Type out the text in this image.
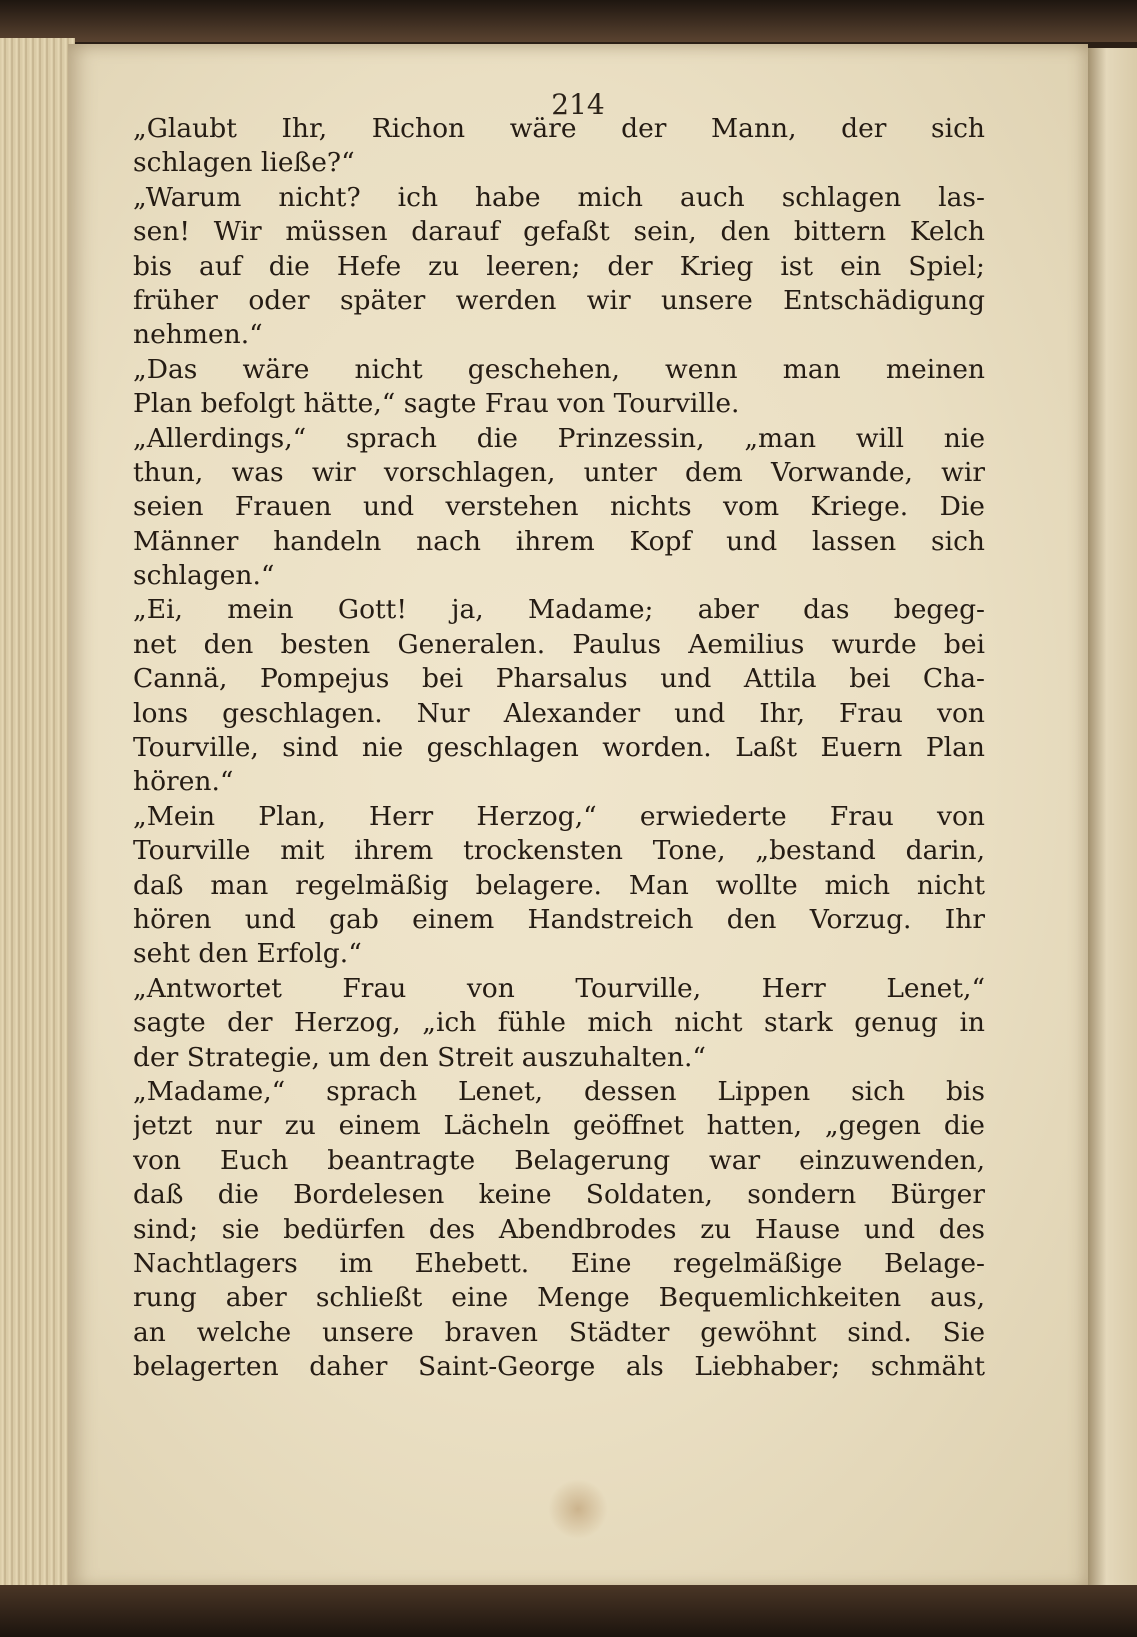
214
„Glaubt Ihr, Richon wäre der Mann, der sich
schlagen ließe?“
„Warum nicht? ich habe mich auch schlagen las-
sen! Wir müssen darauf gefaßt sein, den bittern Kelch
bis auf die Hefe zu leeren; der Krieg ist ein Spiel;
früher oder später werden wir unsere Entschädigung
nehmen.“
„Das wäre nicht geschehen, wenn man meinen
Plan befolgt hätte,“ sagte Frau von Tourville.
„Allerdings,“ sprach die Prinzessin, „man will nie
thun, was wir vorschlagen, unter dem Vorwande, wir
seien Frauen und verstehen nichts vom Kriege. Die
Männer handeln nach ihrem Kopf und lassen sich
schlagen.“
„Ei, mein Gott! ja, Madame; aber das begeg-
net den besten Generalen. Paulus Aemilius wurde bei
Cannä, Pompejus bei Pharsalus und Attila bei Cha-
lons geschlagen. Nur Alexander und Ihr, Frau von
Tourville, sind nie geschlagen worden. Laßt Euern Plan
hören.“
„Mein Plan, Herr Herzog,“ erwiederte Frau von
Tourville mit ihrem trockensten Tone, „bestand darin,
daß man regelmäßig belagere. Man wollte mich nicht
hören und gab einem Handstreich den Vorzug. Ihr
seht den Erfolg.“
„Antwortet Frau von Tourville, Herr Lenet,“
sagte der Herzog, „ich fühle mich nicht stark genug in
der Strategie, um den Streit auszuhalten.“
„Madame,“ sprach Lenet, dessen Lippen sich bis
jetzt nur zu einem Lächeln geöffnet hatten, „gegen die
von Euch beantragte Belagerung war einzuwenden,
daß die Bordelesen keine Soldaten, sondern Bürger
sind; sie bedürfen des Abendbrodes zu Hause und des
Nachtlagers im Ehebett. Eine regelmäßige Belage-
rung aber schließt eine Menge Bequemlichkeiten aus,
an welche unsere braven Städter gewöhnt sind. Sie
belagerten daher Saint-George als Liebhaber; schmäht
